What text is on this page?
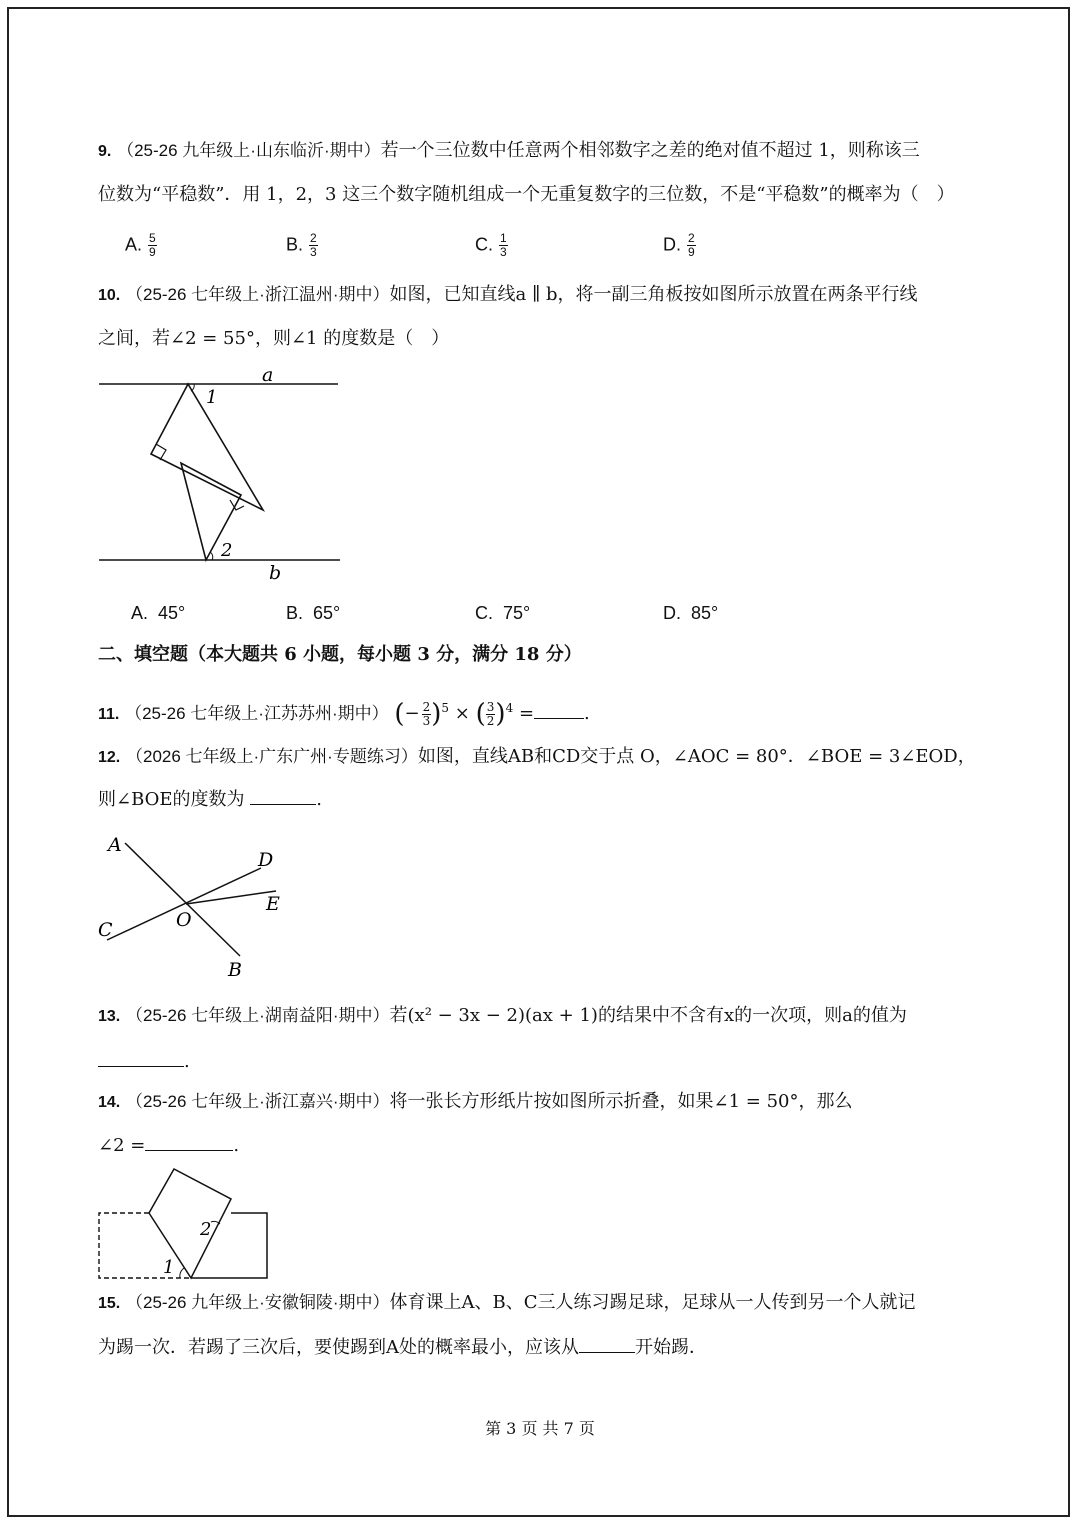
9. （25-26 九年级上·山东临沂·期中）若一个三位数中任意两个相邻数字之差的绝对值不超过 1，则称该三
位数为“平稳数”．用 1，2，3 这三个数字随机组成一个无重复数字的三位数，不是“平稳数”的概率为（　）
A. $\frac{5}{9}$	B. $\frac{2}{3}$	C. $\frac{1}{3}$	D. $\frac{2}{9}$
10. （25-26 七年级上·浙江温州·期中）如图，已知直线a ∥ b，将一副三角板按如图所示放置在两条平行线
之间，若∠2 = 55°，则∠1 的度数是（　）
a
b
1
2
A. 45°	B. 65°	C. 75°	D. 85°
二、填空题（本大题共 6 小题，每小题 3 分，满分 18 分）
11. （25-26 七年级上·江苏苏州·期中） (− $\frac{2}{3} )^5$ × ( $\frac{3}{2} )^4$ =	.
12. （2026 七年级上·广东广州·专题练习）如图，直线AB和CD交于点 O，∠AOC = 80°．∠BOE = 3∠EOD，
则∠BOE的度数为	.
A
D
E
O
C
B
13. （25-26 七年级上·湖南益阳·期中）若(x² − 3x − 2)(ax + 1)的结果中不含有x的一次项，则a的值为
.
14. （25-26 七年级上·浙江嘉兴·期中）将一张长方形纸片按如图所示折叠，如果∠1 = 50°，那么
∠2 =	.
1
2
15. （25-26 九年级上·安徽铜陵·期中）体育课上A、B、C三人练习踢足球，足球从一人传到另一个人就记
为踢一次．若踢了三次后，要使踢到A处的概率最小，应该从	开始踢．
第 3 页 共 7 页
